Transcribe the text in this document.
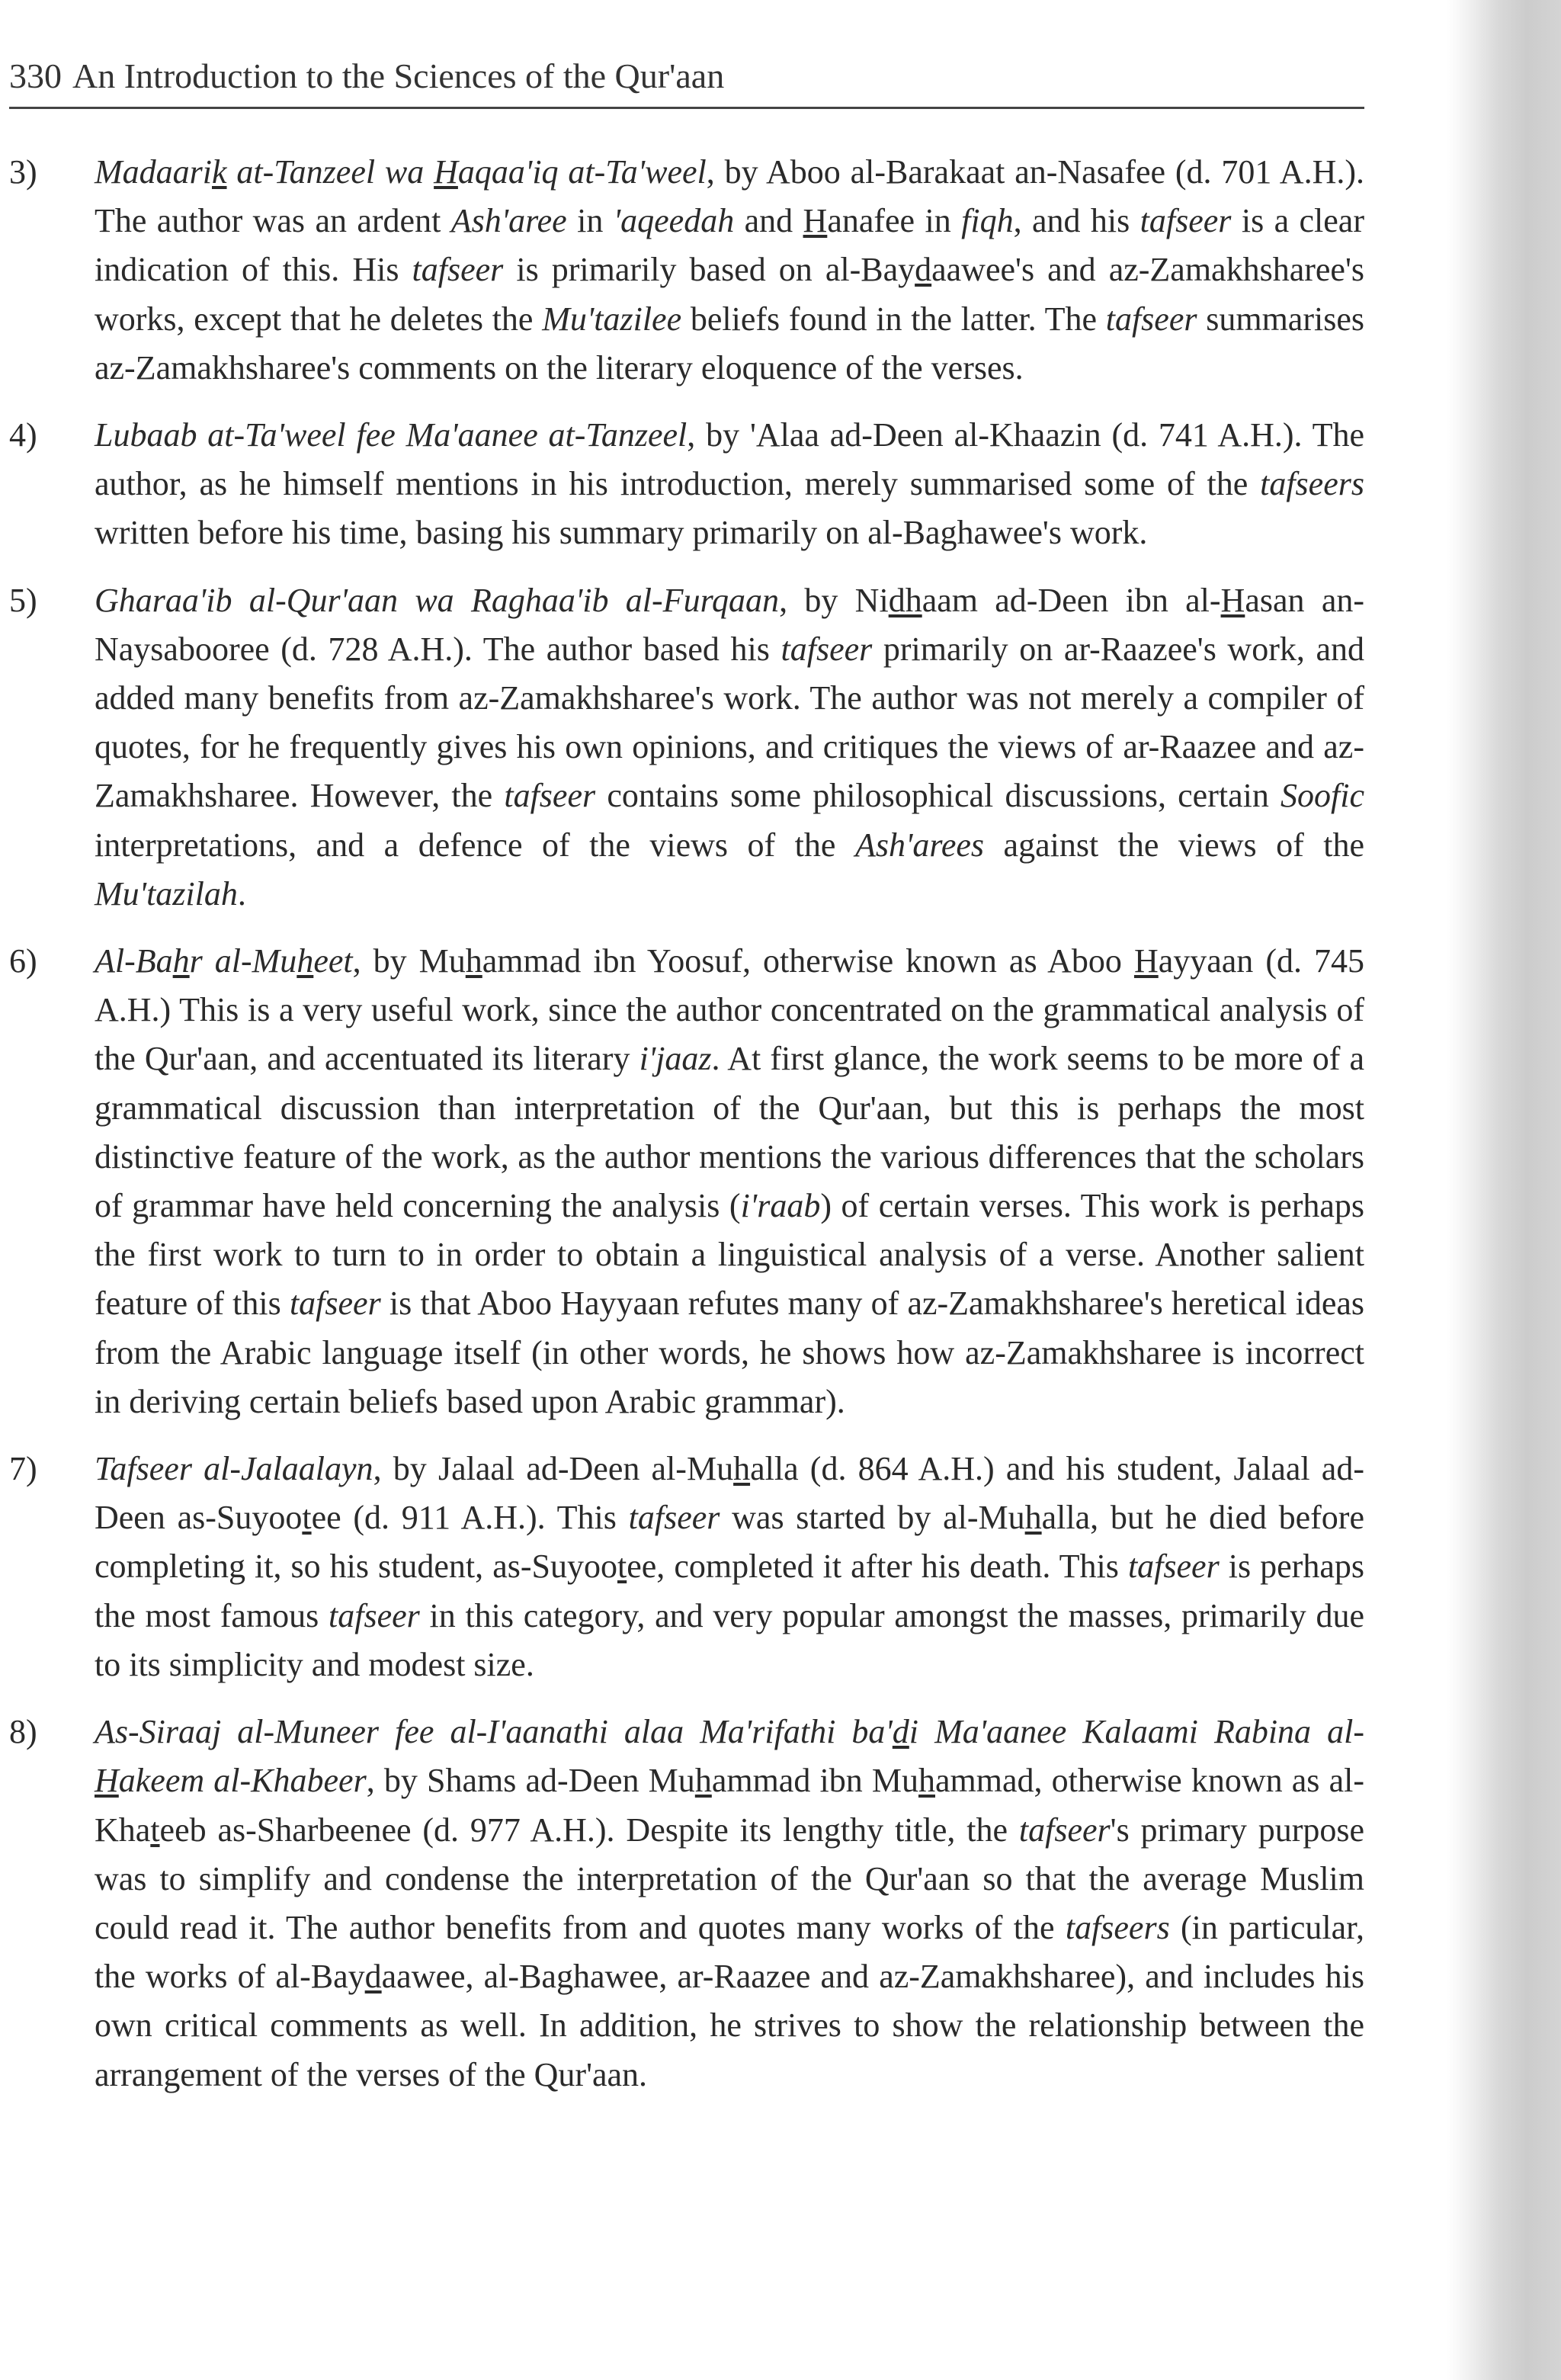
330 An Introduction to the Sciences of the Qur'aan
3)	Madaarik at-Tanzeel wa Haqaa'iq at-Ta'weel, by Aboo al-Barakaat an-Nasafee (d. 701 A.H.). The author was an ardent Ash'aree in 'aqeedah and Hanafee in fiqh, and his tafseer is a clear indication of this. His tafseer is primarily based on al-Baydaawee's and az-Zamakhsharee's works, except that he deletes the Mu'tazilee beliefs found in the latter. The tafseer summarises az-Zamakhsharee's comments on the literary eloquence of the verses.

4)	Lubaab at-Ta'weel fee Ma'aanee at-Tanzeel, by 'Alaa ad-Deen al-Khaazin (d. 741 A.H.). The author, as he himself mentions in his introduction, merely summarised some of the tafseers written before his time, basing his summary primarily on al-Baghawee's work.

5)	Gharaa'ib al-Qur'aan wa Raghaa'ib al-Furqaan, by Nidhaam ad-Deen ibn al-Hasan an-Naysabooree (d. 728 A.H.). The author based his tafseer primarily on ar-Raazee's work, and added many benefits from az-Zamakhsharee's work. The author was not merely a compiler of quotes, for he frequently gives his own opinions, and critiques the views of ar-Raazee and az-Zamakhsharee. However, the tafseer contains some philosophical discussions, certain Soofic interpretations, and a defence of the views of the Ash'arees against the views of the Mu'tazilah.

6)	Al-Bahr al-Muheet, by Muhammad ibn Yoosuf, otherwise known as Aboo Hayyaan (d. 745 A.H.) This is a very useful work, since the author concentrated on the grammatical analysis of the Qur'aan, and accentuated its literary i'jaaz. At first glance, the work seems to be more of a grammatical discussion than interpretation of the Qur'aan, but this is perhaps the most distinctive feature of the work, as the author mentions the various differences that the scholars of grammar have held concerning the analysis (i'raab) of certain verses. This work is perhaps the first work to turn to in order to obtain a linguistical analysis of a verse. Another salient feature of this tafseer is that Aboo Hayyaan refutes many of az-Zamakhsharee's heretical ideas from the Arabic language itself (in other words, he shows how az-Zamakhsharee is incorrect in deriving certain beliefs based upon Arabic grammar).

7)	Tafseer al-Jalaalayn, by Jalaal ad-Deen al-Muhalla (d. 864 A.H.) and his student, Jalaal ad-Deen as-Suyootee (d. 911 A.H.). This tafseer was started by al-Muhalla, but he died before completing it, so his student, as-Suyootee, completed it after his death. This tafseer is perhaps the most famous tafseer in this category, and very popular amongst the masses, primarily due to its simplicity and modest size.

8)	As-Siraaj al-Muneer fee al-I'aanathi alaa Ma'rifathi ba'di Ma'aanee Kalaami Rabina al-Hakeem al-Khabeer, by Shams ad-Deen Muhammad ibn Muhammad, otherwise known as al-Khateeb as-Sharbeenee (d. 977 A.H.). Despite its lengthy title, the tafseer's primary purpose was to simplify and condense the interpretation of the Qur'aan so that the average Muslim could read it. The author benefits from and quotes many works of the tafseers (in particular, the works of al-Baydaawee, al-Baghawee, ar-Raazee and az-Zamakhsharee), and includes his own critical comments as well. In addition, he strives to show the relationship between the arrangement of the verses of the Qur'aan.
